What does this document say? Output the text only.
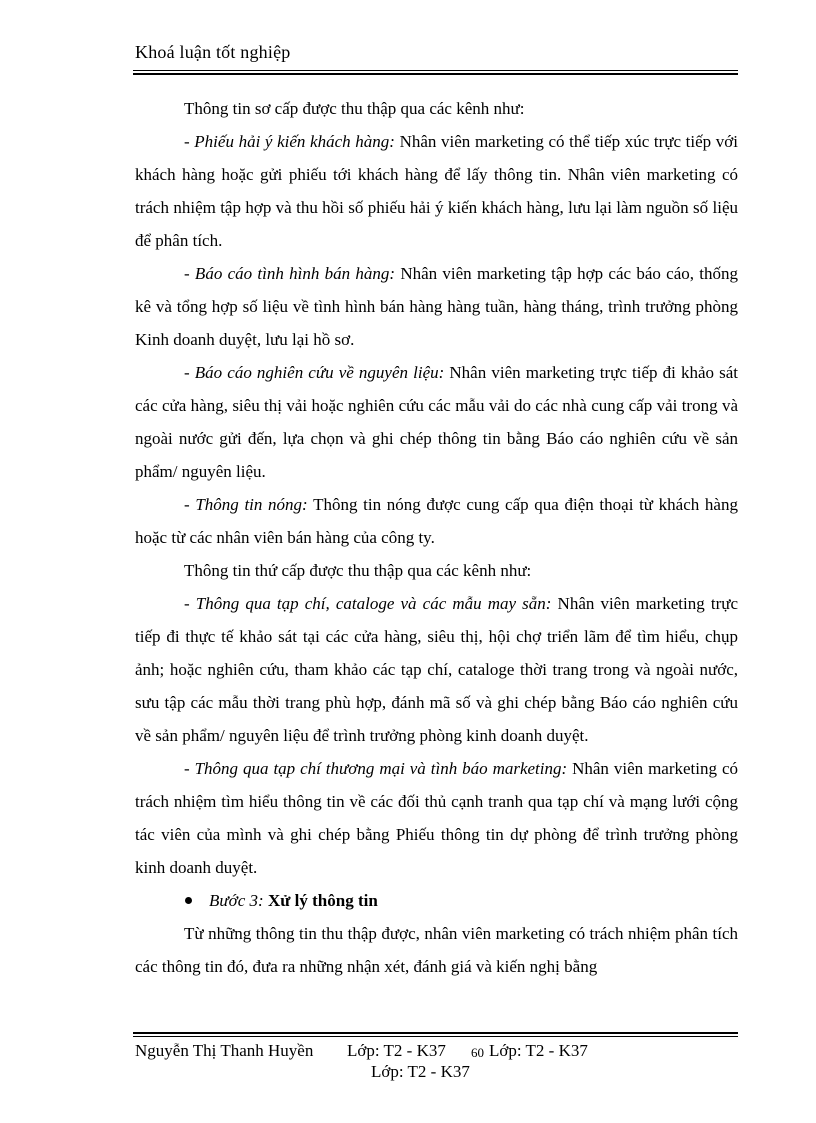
Khoá luận tốt nghiệp

Thông tin sơ cấp được thu thập qua các kênh như:

- Phiếu hải ý kiến khách hàng: Nhân viên marketing có thể tiếp xúc trực tiếp với khách hàng hoặc gửi phiếu tới khách hàng để lấy thông tin. Nhân viên marketing có trách nhiệm tập hợp và thu hồi số phiếu hải ý kiến khách hàng, lưu lại làm nguồn số liệu để phân tích.

- Báo cáo tình hình bán hàng: Nhân viên marketing tập hợp các báo cáo, thống kê và tổng hợp số liệu về tình hình bán hàng hàng tuần, hàng tháng, trình trưởng phòng Kinh doanh duyệt, lưu lại hồ sơ.

- Báo cáo nghiên cứu về nguyên liệu: Nhân viên marketing trực tiếp đi khảo sát các cửa hàng, siêu thị vải hoặc nghiên cứu các mẫu vải do các nhà cung cấp vải trong và ngoài nước gửi đến, lựa chọn và ghi chép thông tin bằng Báo cáo nghiên cứu về sản phẩm/ nguyên liệu.

- Thông tin nóng: Thông tin nóng được cung cấp qua điện thoại từ khách hàng hoặc từ các nhân viên bán hàng của công ty.

Thông tin thứ cấp được thu thập qua các kênh như:

- Thông qua tạp chí, cataloge và các mẫu may sẵn: Nhân viên marketing trực tiếp đi thực tế khảo sát tại các cửa hàng, siêu thị, hội chợ triển lãm để tìm hiểu, chụp ảnh; hoặc nghiên cứu, tham khảo các tạp chí, cataloge thời trang trong và ngoài nước, sưu tập các mẫu thời trang phù hợp, đánh mã số và ghi chép bằng Báo cáo nghiên cứu về sản phẩm/ nguyên liệu để trình trưởng phòng kinh doanh duyệt.

- Thông qua tạp chí thương mại và tình báo marketing: Nhân viên marketing có trách nhiệm tìm hiểu thông tin về các đối thủ cạnh tranh qua tạp chí và mạng lưới cộng tác viên của mình và ghi chép bằng Phiếu thông tin dự phòng để trình trưởng phòng kinh doanh duyệt.

Bước 3:
Xử lý thông tin

Từ những thông tin thu thập được, nhân viên marketing có trách nhiệm phân tích các thông tin đó, đưa ra những nhận xét, đánh giá và kiến nghị bằng

Nguyễn Thị Thanh Huyền Lớp: T2 - K37 60 Lớp: T2 - K37
Lớp: T2 - K37
